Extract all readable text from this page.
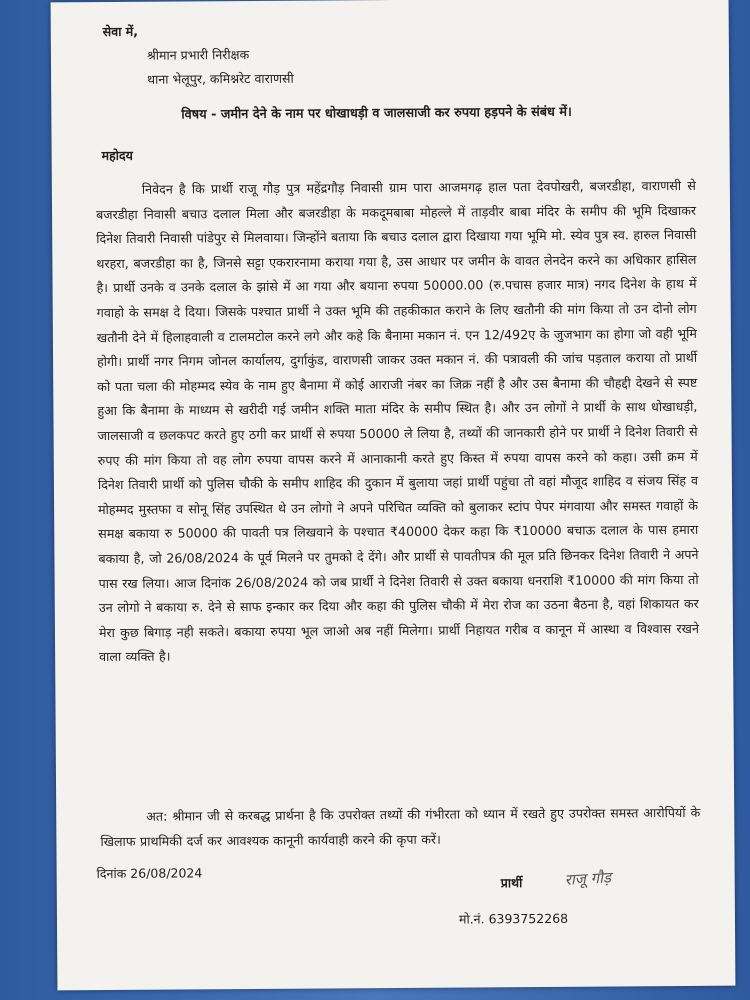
सेवा में,
श्रीमान प्रभारी निरीक्षक
थाना भेलूपुर, कमिश्नरेट वाराणसी
विषय - जमीन देने के नाम पर धोखाधड़ी व जालसाजी कर रुपया हड़पने के संबंध में।
महोदय
निवेदन है कि प्रार्थी राजू गौड़ पुत्र महेंद्रगौड़ निवासी ग्राम पारा आजमगढ़ हाल पता देवपोखरी, बजरडीहा, वाराणसी से बजरडीहा निवासी बचाउ दलाल मिला और बजरडीहा के मकदूमबाबा मोहल्ले में ताड़वीर बाबा मंदिर के समीप की भूमि दिखाकर दिनेश तिवारी निवासी पांडेपुर से मिलवाया। जिन्होंने बताया कि बचाउ दलाल द्वारा दिखाया गया भूमि मो. स्येव पुत्र स्व. हारुल निवासी थरहरा, बजरडीहा का है, जिनसे सट्टा एकरारनामा कराया गया है, उस आधार पर जमीन के वावत लेनदेन करने का अधिकार हासिल है। प्रार्थी उनके व उनके दलाल के झांसे में आ गया और बयाना रुपया 50000.00 (रु.पचास हजार मात्र) नगद दिनेश के हाथ में गवाहो के समक्ष दे दिया। जिसके पश्चात प्रार्थी ने उक्त भूमि की तहकीकात कराने के लिए खतौनी की मांग किया तो उन दोनो लोग खतौनी देने में हिलाहवाली व टालमटोल करने लगे और कहे कि बैनामा मकान नं. एन 12/492ए के जुजभाग का होगा जो वही भूमि होगी। प्रार्थी नगर निगम जोनल कार्यालय, दुर्गाकुंड, वाराणसी जाकर उक्त मकान नं. की पत्रावली की जांच पड़ताल कराया तो प्रार्थी को पता चला की मोहम्मद स्येव के नाम हुए बैनामा में कोई आराजी नंबर का जिक्र नहीं है और उस बैनामा की चौहद्दी देखने से स्पष्ट हुआ कि बैनामा के माध्यम से खरीदी गई जमीन शक्ति माता मंदिर के समीप स्थित है। और उन लोगों ने प्रार्थी के साथ धोखाधड़ी, जालसाजी व छलकपट करते हुए ठगी कर प्रार्थी से रुपया 50000 ले लिया है, तथ्यों की जानकारी होने पर प्रार्थी ने दिनेश तिवारी से रुपए की मांग किया तो वह लोग रुपया वापस करने में आनाकानी करते हुए किस्त में रुपया वापस करने को कहा। उसी क्रम में दिनेश तिवारी प्रार्थी को पुलिस चौकी के समीप शाहिद की दुकान में बुलाया जहां प्रार्थी पहुंचा तो वहां मौजूद शाहिद व संजय सिंह व मोहम्मद मुस्तफा व सोनू सिंह उपस्थित थे उन लोगो ने अपने परिचित व्यक्ति को बुलाकर स्टांप पेपर मंगवाया और समस्त गवाहों के समक्ष बकाया रु 50000 की पावती पत्र लिखवाने के पश्चात ₹40000 देकर कहा कि ₹10000 बचाऊ दलाल के पास हमारा बकाया है, जो 26/08/2024 के पूर्व मिलने पर तुमको दे देंगे। और प्रार्थी से पावतीपत्र की मूल प्रति छिनकर दिनेश तिवारी ने अपने पास रख लिया। आज दिनांक 26/08/2024 को जब प्रार्थी ने दिनेश तिवारी से उक्त बकाया धनराशि ₹10000 की मांग किया तो उन लोगो ने बकाया रु. देने से साफ इन्कार कर दिया और कहा की पुलिस चौकी में मेरा रोज का उठना बैठना है, वहां शिकायत कर मेरा कुछ बिगाड़ नही सकते। बकाया रुपया भूल जाओ अब नहीं मिलेगा। प्रार्थी निहायत गरीब व कानून में आस्था व विश्वास रखने वाला व्यक्ति है।
अत: श्रीमान जी से करबद्ध प्रार्थना है कि उपरोक्त तथ्यों की गंभीरता को ध्यान में रखते हुए उपरोक्त समस्त आरोपियों के खिलाफ प्राथमिकी दर्ज कर आवश्यक कानूनी कार्यवाही करने की कृपा करें।
दिनांक 26/08/2024
प्रार्थी	राजू गौड़
मो.नं. 6393752268
